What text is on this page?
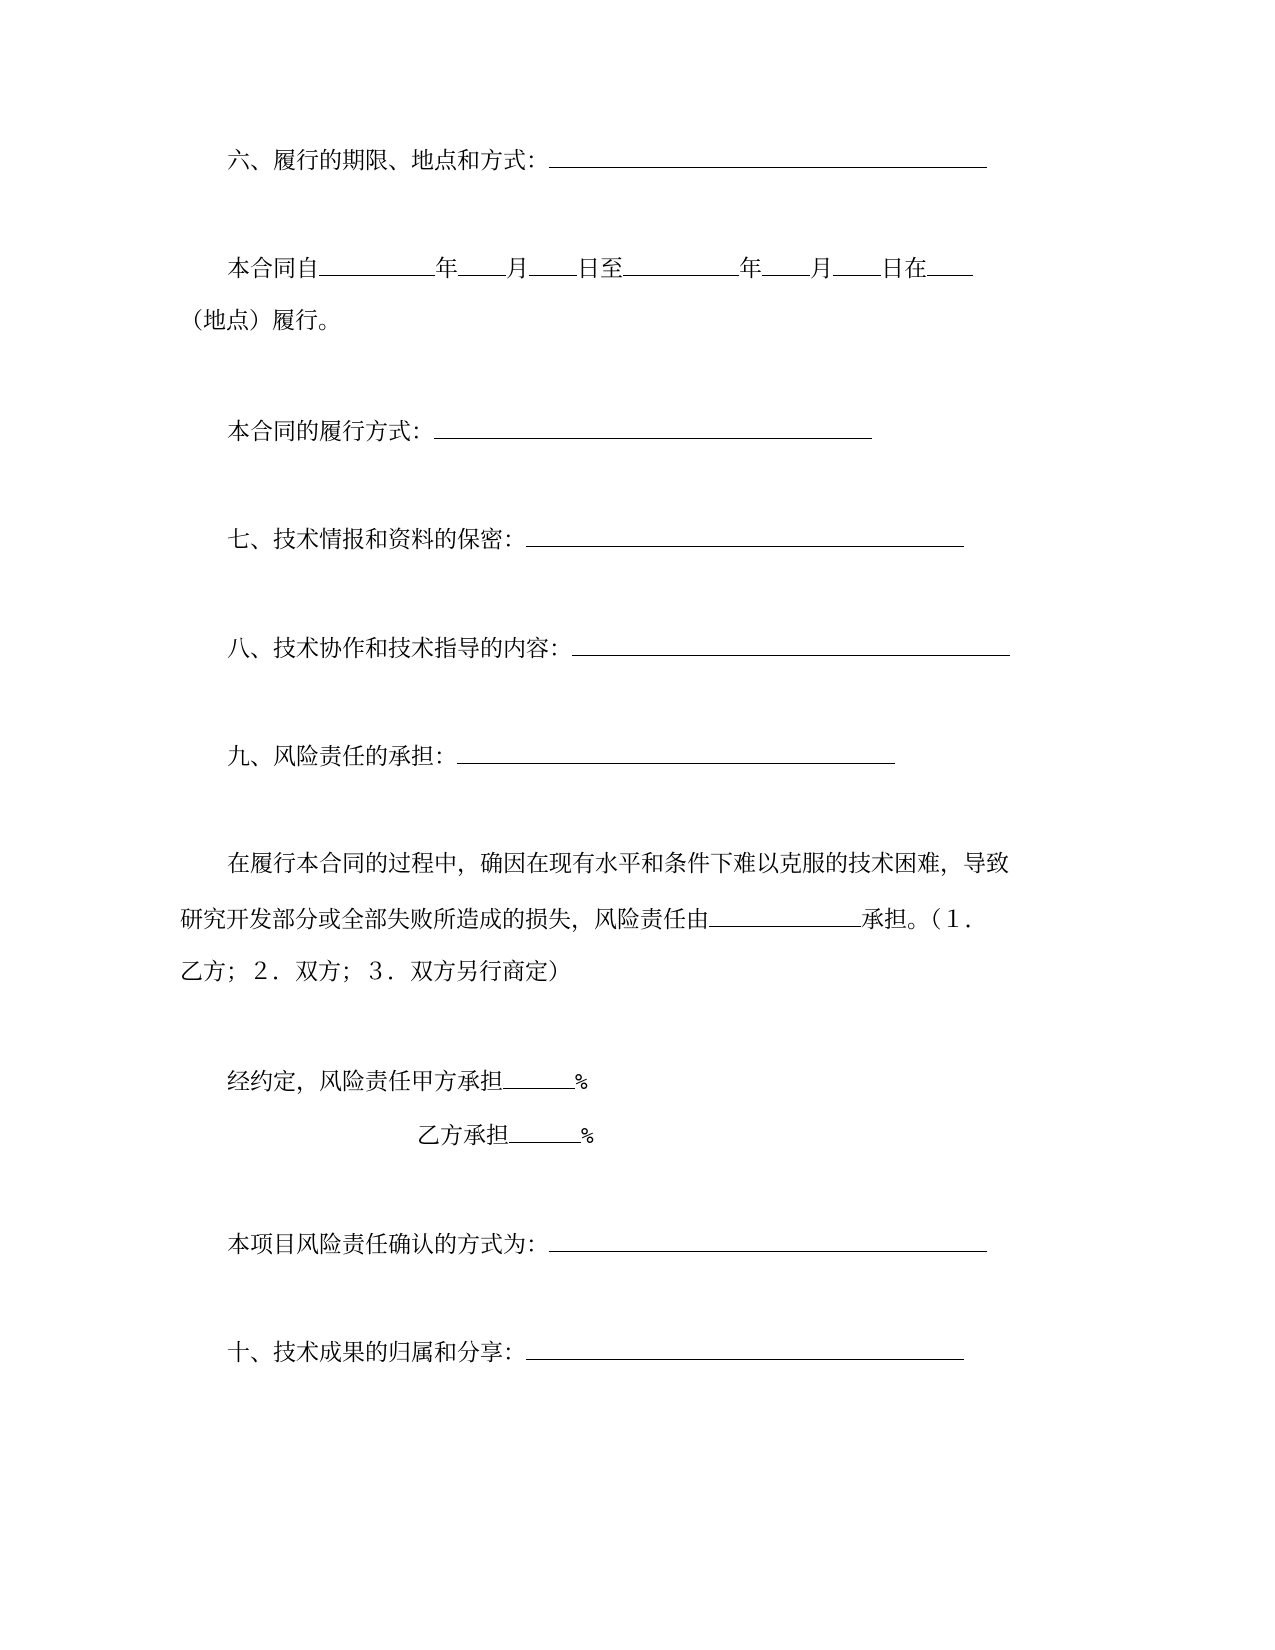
六、履行的期限、地点和方式：
本合同自	年 月 日至	年 月 日在
（地点）履行。
本合同的履行方式：
七、技术情报和资料的保密：
八、技术协作和技术指导的内容：
九、风险责任的承担：
在履行本合同的过程中，确因在现有水平和条件下难以克服的技术困难，导致
研究开发部分或全部失败所造成的损失，风险责任由	承担。（１．
乙方；２．双方；３．双方另行商定）
经约定，风险责任甲方承担	%
乙方承担	%
本项目风险责任确认的方式为：
十、技术成果的归属和分享：
